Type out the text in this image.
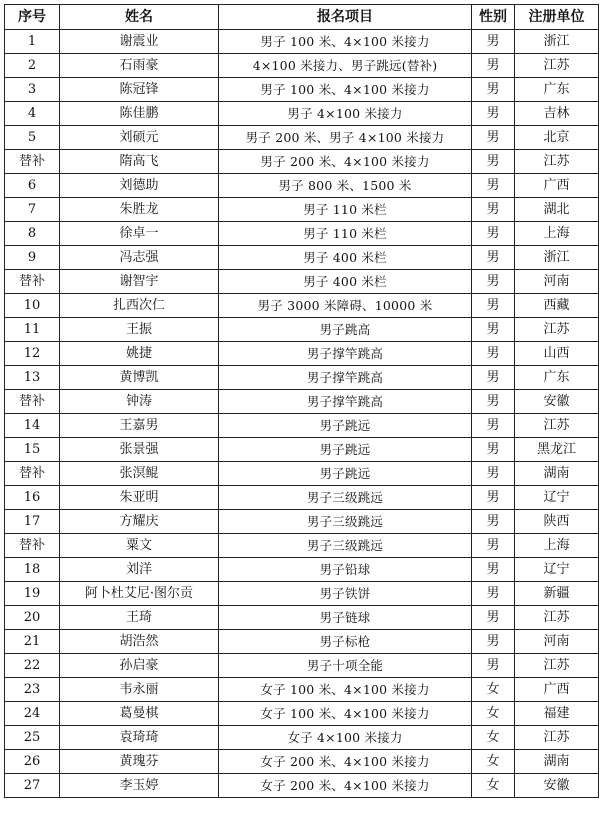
序号	姓名	报名项目	性别	注册单位
1	谢震业	男子 100 米、4×100 米接力	男	浙江
2	石雨豪	4×100 米接力、男子跳远(替补)	男	江苏
3	陈冠锋	男子 100 米、4×100 米接力	男	广东
4	陈佳鹏	男子 4×100 米接力	男	吉林
5	刘硕元	男子 200 米、男子 4×100 米接力	男	北京
替补	隋高飞	男子 200 米、4×100 米接力	男	江苏
6	刘德助	男子 800 米、1500 米	男	广西
7	朱胜龙	男子 110 米栏	男	湖北
8	徐卓一	男子 110 米栏	男	上海
9	冯志强	男子 400 米栏	男	浙江
替补	谢智宇	男子 400 米栏	男	河南
10	扎西次仁	男子 3000 米障碍、10000 米	男	西藏
11	王振	男子跳高	男	江苏
12	姚捷	男子撑竿跳高	男	山西
13	黄博凯	男子撑竿跳高	男	广东
替补	钟涛	男子撑竿跳高	男	安徽
14	王嘉男	男子跳远	男	江苏
15	张景强	男子跳远	男	黑龙江
替补	张溟鲲	男子跳远	男	湖南
16	朱亚明	男子三级跳远	男	辽宁
17	方耀庆	男子三级跳远	男	陕西
替补	粟文	男子三级跳远	男	上海
18	刘洋	男子铅球	男	辽宁
19	阿卜杜艾尼·图尔贡	男子铁饼	男	新疆
20	王琦	男子链球	男	江苏
21	胡浩然	男子标枪	男	河南
22	孙启豪	男子十项全能	男	江苏
23	韦永丽	女子 100 米、4×100 米接力	女	广西
24	葛曼棋	女子 100 米、4×100 米接力	女	福建
25	袁琦琦	女子 4×100 米接力	女	江苏
26	黄瑰芬	女子 200 米、4×100 米接力	女	湖南
27	李玉婷	女子 200 米、4×100 米接力	女	安徽
